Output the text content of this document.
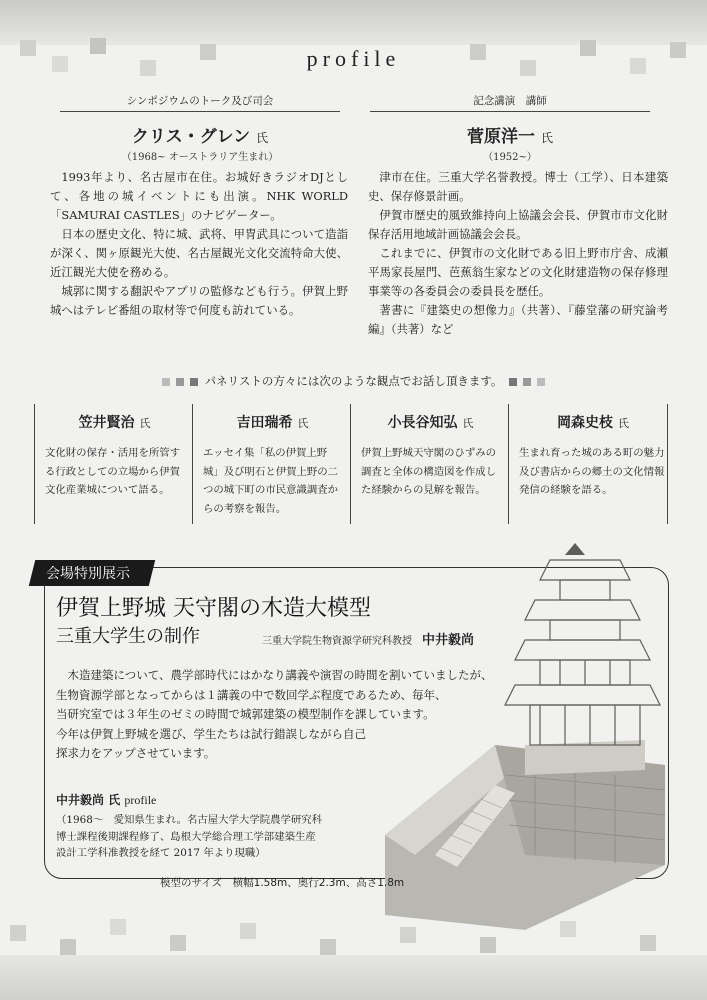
profile
シンポジウムのトーク及び司会
クリス・グレン 氏
（1968~ オーストラリア生まれ）

1993年より、名古屋市在住。お城好きラジオDJとして、各地の城イベントにも出演。NHK WORLD「SAMURAI CASTLES」のナビゲーター。

日本の歴史文化、特に城、武将、甲冑武具について造詣が深く、関ヶ原観光大使、名古屋観光文化交流特命大使、近江観光大使を務める。

城郭に関する翻訳やアプリの監修なども行う。伊賀上野城へはテレビ番組の取材等で何度も訪れている。

記念講演　講師
菅原洋一 氏
（1952~）

津市在住。三重大学名誉教授。博士（工学）、日本建築史、保存修景計画。

伊賀市歴史的風致維持向上協議会会長、伊賀市市文化財保存活用地域計画協議会会長。

これまでに、伊賀市の文化財である旧上野市庁舎、成瀬平馬家長屋門、芭蕉翁生家などの文化財建造物の保存修理事業等の各委員会の委員長を歴任。

著書に『建築史の想像力』（共著）、『藤堂藩の研究論考編』（共著）など

パネリストの方々には次のような観点でお話し頂きます。
笠井賢治 氏
文化財の保存・活用を所管する行政としての立場から伊賀文化産業城について語る。
吉田瑞希 氏
エッセイ集「私の伊賀上野城」及び明石と伊賀上野の二つの城下町の市民意識調査からの考察を報告。
小長谷知弘 氏
伊賀上野城天守閣のひずみの調査と全体の構造図を作成した経験からの見解を報告。
岡森史枝 氏
生まれ育った城のある町の魅力及び書店からの郷土の文化情報発信の経験を語る。
会場特別展示
伊賀上野城 天守閣の木造大模型
三重大学生の制作	三重大学院生物資源学研究科教授 中井毅尚

木造建築について、農学部時代にはかなり講義や演習の時間を割いていましたが、

生物資源学部となってからは１講義の中で数回学ぶ程度であるため、毎年、

当研究室では３年生のゼミの時間で城郭建築の模型制作を課しています。

今年は伊賀上野城を選び、学生たちは試行錯誤しながら自己

探求力をアップさせています。

中井毅尚 氏 profile

（1968～　愛知県生まれ。名古屋大学大学院農学研究科

博士課程後期課程修了、島根大学総合理工学部建築生産

設計工学科准教授を経て 2017 年より現職）

模型のサイズ　横幅1.58m、奥行2.3m、高さ1.8m
